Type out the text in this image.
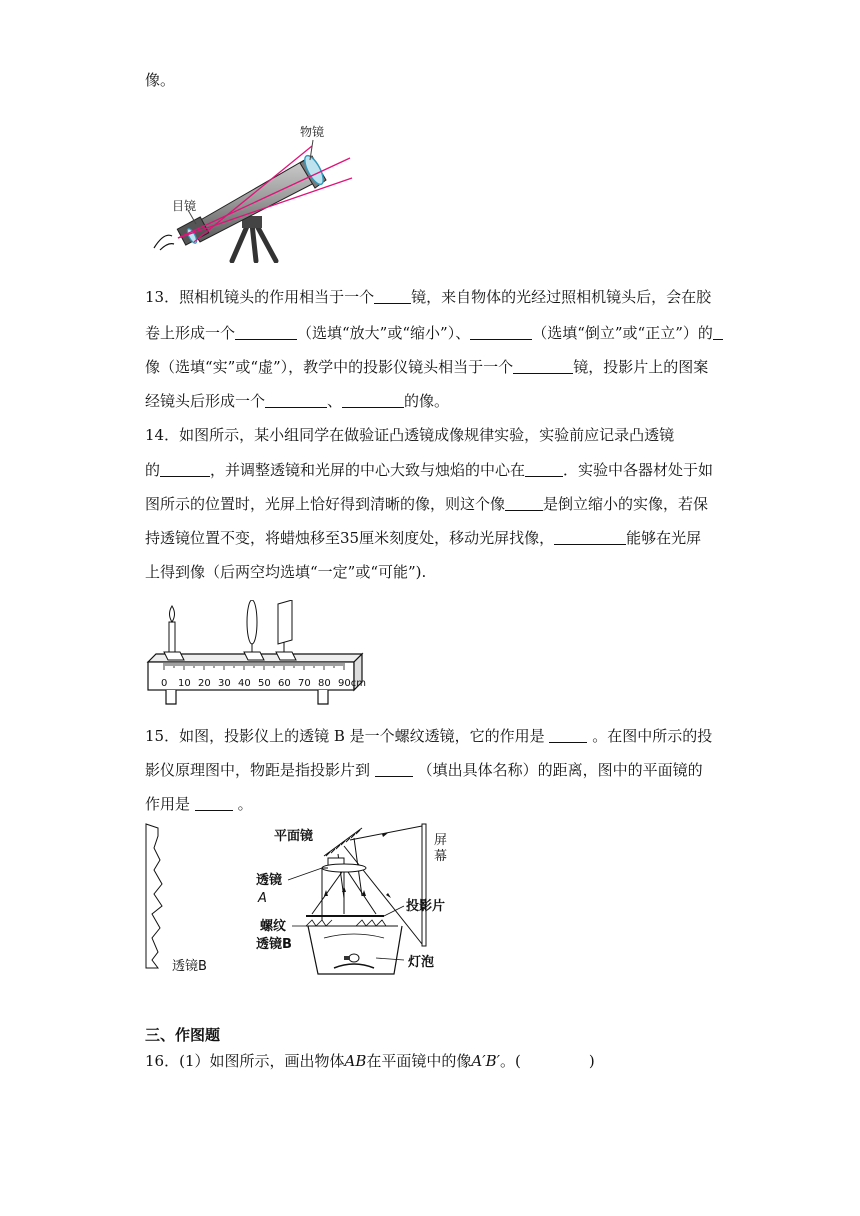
像。
物镜
目镜
13．照相机镜头的作用相当于一个 镜，来自物体的光经过照相机镜头后，会在胶
卷上形成一个	（选填“放大”或“缩小”）、	（选填“倒立”或“正立”）的
像（选填“实”或“虚”），教学中的投影仪镜头相当于一个	镜，投影片上的图案
经镜头后形成一个	、	的像。
14．如图所示，某小组同学在做验证凸透镜成像规律实验，实验前应记录凸透镜
的	，并调整透镜和光屏的中心大致与烛焰的中心在	．实验中各器材处于如
图所示的位置时，光屏上恰好得到清晰的像，则这个像	是倒立缩小的实像，若保
持透镜位置不变，将蜡烛移至35厘米刻度处，移动光屏找像，	能够在光屏
上得到像（后两空均选填“一定”或“可能”).
0 10 20 30 40 50 60 70 80 90cm
15．如图，投影仪上的透镜 B 是一个螺纹透镜，它的作用是	。在图中所示的投
影仪原理图中，物距是指投影片到	（填出具体名称）的距离，图中的平面镜的
作用是	。
透镜B
平面镜	屏
幕
透镜
A
投影片
螺纹
透镜B
灯泡
三、作图题
16．(1）如图所示，画出物体AB在平面镜中的像A′B′。(	)
